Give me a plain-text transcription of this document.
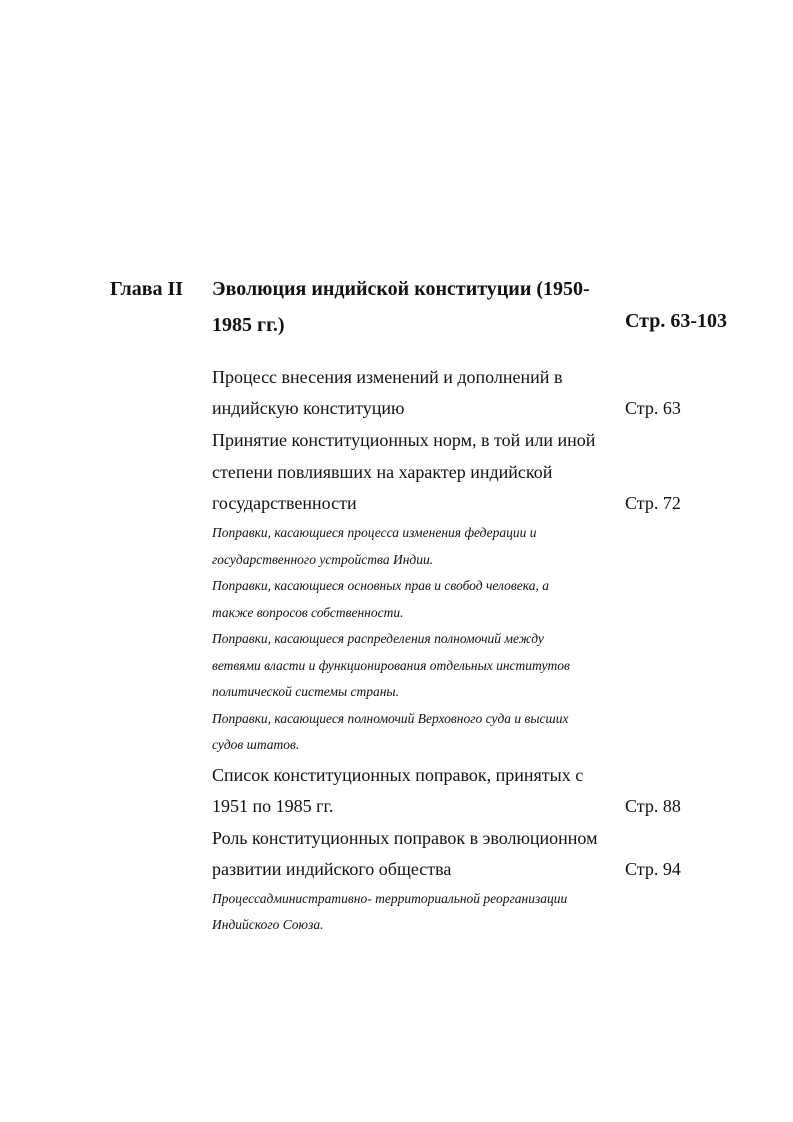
Глава II Эволюция индийской конституции (1950-
1985 гг.)	Стр. 63-103
Процесс внесения изменений и дополнений в
индийскую конституцию	Стр. 63
Принятие конституционных норм, в той или иной
степени повлиявших на характер индийской
государственности	Стр. 72
Поправки, касающиеся процесса изменения федерации и
государственного устройства Индии.
Поправки, касающиеся основных прав и свобод человека, а
также вопросов собственности.
Поправки, касающиеся распределения полномочий между
ветвями власти и функционирования отдельных институтов
политической системы страны.
Поправки, касающиеся полномочий Верховного суда и высших
судов штатов.
Список конституционных поправок, принятых с
1951 по 1985 гг.	Стр. 88
Роль конституционных поправок в эволюционном
развитии индийского общества	Стр. 94
Процессадминистративно- территориальной реорганизации
Индийского Союза.
